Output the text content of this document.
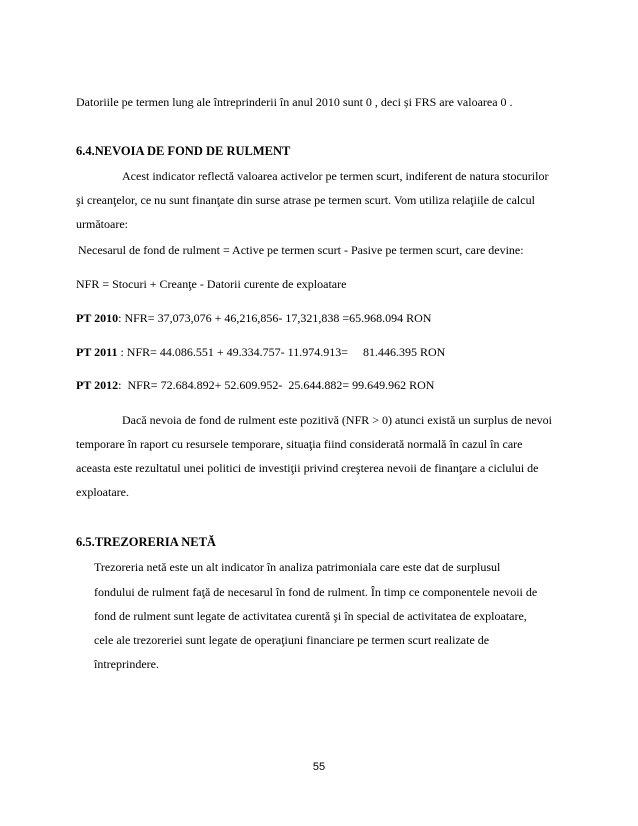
Datoriile pe termen lung ale întreprinderii în anul 2010 sunt 0 , deci și FRS are valoarea 0 .
6.4.NEVOIA DE FOND DE RULMENT
Acest indicator reflectă valoarea activelor pe termen scurt, indiferent de natura stocurilor
şi creanţelor, ce nu sunt finanţate din surse atrase pe termen scurt. Vom utiliza relaţiile de calcul
următoare:
Necesarul de fond de rulment = Active pe termen scurt - Pasive pe termen scurt, care devine:
NFR = Stocuri + Creanţe - Datorii curente de exploatare
PT 2010: NFR= 37,073,076 + 46,216,856- 17,321,838 =65.968.094 RON
PT 2011 : NFR= 44.086.551 + 49.334.757- 11.974.913=     81.446.395 RON
PT 2012:  NFR= 72.684.892+ 52.609.952-  25.644.882= 99.649.962 RON
Dacă nevoia de fond de rulment este pozitivă (NFR > 0) atunci există un surplus de nevoi
temporare în raport cu resursele temporare, situaţia fiind considerată normală în cazul în care
aceasta este rezultatul unei politici de investiţii privind creşterea nevoii de finanţare a ciclului de
exploatare.
6.5.TREZORERIA NETĂ
Trezoreria netă este un alt indicator în analiza patrimoniala care este dat de surplusul
fondului de rulment faţă de necesarul în fond de rulment. În timp ce componentele nevoii de
fond de rulment sunt legate de activitatea curentă şi în special de activitatea de exploatare,
cele ale trezoreriei sunt legate de operaţiuni financiare pe termen scurt realizate de
întreprindere.
55
